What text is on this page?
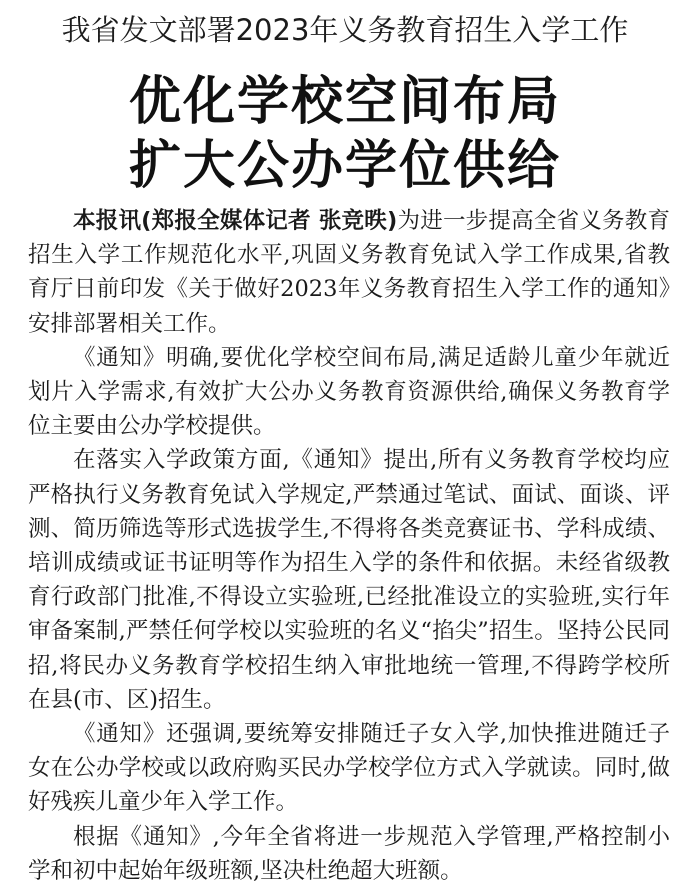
我省发文部署2023年义务教育招生入学工作
优化学校空间布局
扩大公办学位供给

本报讯(郑报全媒体记者 张竞昳)为进一步提高全省义务教育招生入学工作规范化水平,巩固义务教育免试入学工作成果,省教育厅日前印发《关于做好2023年义务教育招生入学工作的通知》安排部署相关工作。

《通知》明确,要优化学校空间布局,满足适龄儿童少年就近划片入学需求,有效扩大公办义务教育资源供给,确保义务教育学位主要由公办学校提供。

在落实入学政策方面,《通知》提出,所有义务教育学校均应严格执行义务教育免试入学规定,严禁通过笔试、面试、面谈、评测、简历筛选等形式选拔学生,不得将各类竞赛证书、学科成绩、培训成绩或证书证明等作为招生入学的条件和依据。未经省级教育行政部门批准,不得设立实验班,已经批准设立的实验班,实行年审备案制,严禁任何学校以实验班的名义“掐尖”招生。坚持公民同招,将民办义务教育学校招生纳入审批地统一管理,不得跨学校所在县(市、区)招生。

《通知》还强调,要统筹安排随迁子女入学,加快推进随迁子女在公办学校或以政府购买民办学校学位方式入学就读。同时,做好残疾儿童少年入学工作。

根据《通知》,今年全省将进一步规范入学管理,严格控制小学和初中起始年级班额,坚决杜绝超大班额。
